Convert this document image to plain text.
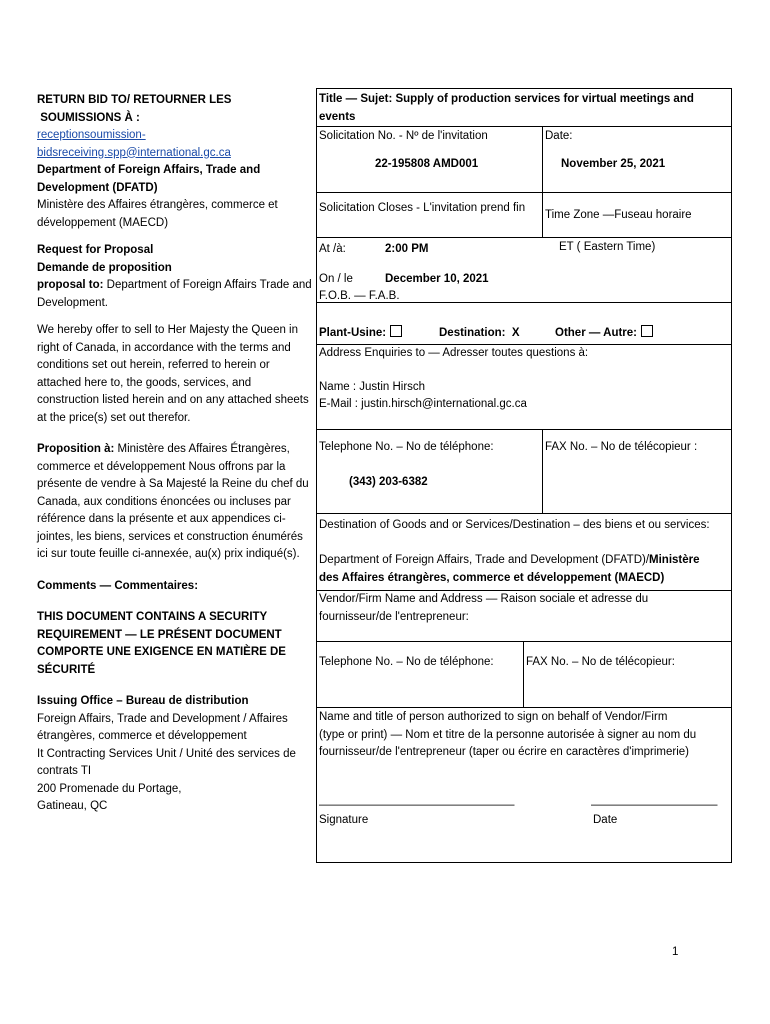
RETURN BID TO/ RETOURNER LES
SOUMISSIONS À :

receptionsoumission-
bidsreceiving.spp@international.gc.ca

Department of Foreign Affairs, Trade and Development (DFATD)

Ministère des Affaires étrangères, commerce et développement (MAECD)

Request for Proposal

Demande de proposition

proposal to: Department of Foreign Affairs Trade and Development.

We hereby offer to sell to Her Majesty the Queen in right of Canada, in accordance with the terms and conditions set out herein, referred to herein or attached here to, the goods, services, and construction listed herein and on any attached sheets at the price(s) set out therefor.

Proposition à: Ministère des Affaires Étrangères, commerce et développement Nous offrons par la présente de vendre à Sa Majesté la Reine du chef du Canada, aux conditions énoncées ou incluses par référence dans la présente et aux appendices ci-jointes, les biens, services et construction énumérés ici sur toute feuille ci-annexée, au(x) prix indiqué(s).

Comments — Commentaires:

THIS DOCUMENT CONTAINS A SECURITY REQUIREMENT — LE PRÉSENT DOCUMENT COMPORTE UNE EXIGENCE EN MATIÈRE DE SÉCURITÉ

Issuing Office – Bureau de distribution

Foreign Affairs, Trade and Development / Affaires étrangères, commerce et développement

It Contracting Services Unit / Unité des services de contrats TI

200 Promenade du Portage,

Gatineau, QC

Title — Sujet: Supply of production services for virtual meetings and
events
Solicitation No. - Nº de l'invitation
22-195808 AMD001
Date:
November 25, 2021
Solicitation Closes - L'invitation prend fin
Time Zone —Fuseau horaire
At /à:	2:00 PM	ET ( Eastern Time)
On / le	December 10, 2021
F.O.B. — F.A.B.
Plant-Usine:	Destination: X	Other — Autre:
Address Enquiries to — Adresser toutes questions à:
Name : Justin Hirsch
E-Mail : justin.hirsch@international.gc.ca
Telephone No. – No de téléphone:	FAX No. – No de télécopieur :
(343) 203-6382
Destination of Goods and or Services/Destination – des biens et ou services:
Department of Foreign Affairs, Trade and Development (DFATD)/Ministère
des Affaires étrangères, commerce et développement (MAECD)
Vendor/Firm Name and Address — Raison sociale et adresse du
fournisseur/de l'entrepreneur:
Telephone No. – No de téléphone:	FAX No. – No de télécopieur:
Name and title of person authorized to sign on behalf of Vendor/Firm
(type or print) — Nom et titre de la personne autorisée à signer au nom du
fournisseur/de l'entrepreneur (taper ou écrire en caractères d'imprimerie)
—————————————————	———————————
Signature	Date
1
